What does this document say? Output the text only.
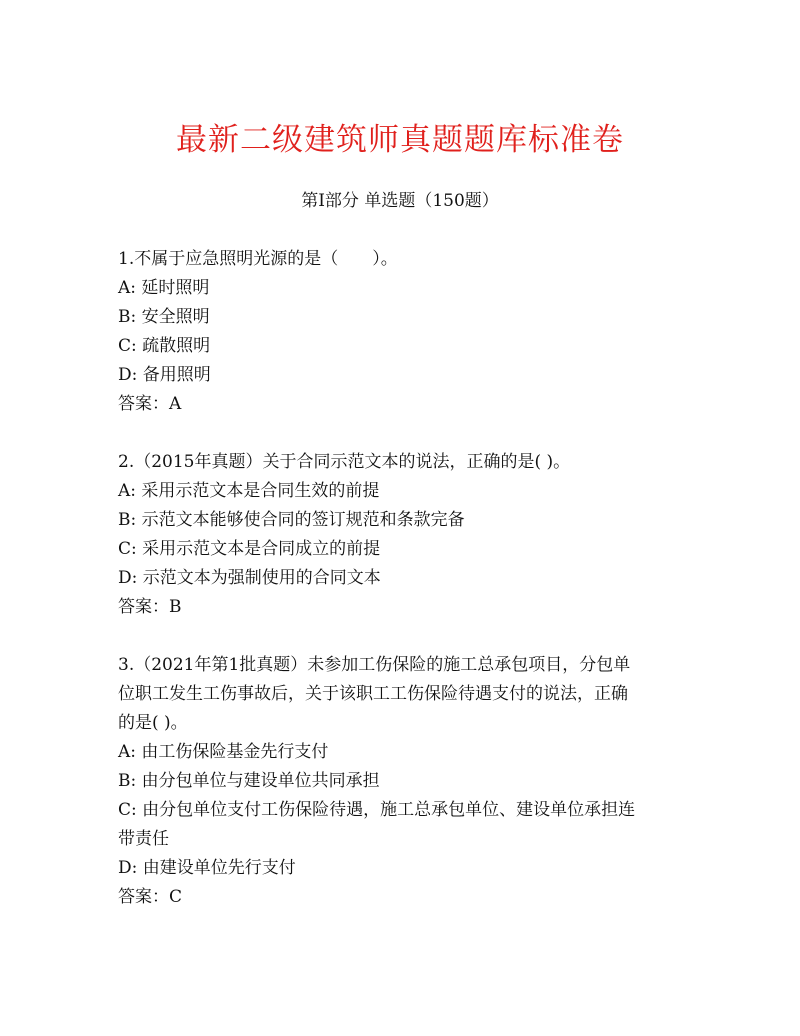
最新二级建筑师真题题库标准卷
第I部分 单选题（150题）
1.不属于应急照明光源的是（　　）。
A: 延时照明
B: 安全照明
C: 疏散照明
D: 备用照明
答案：A
2.（2015年真题）关于合同示范文本的说法，正确的是( )。
A: 采用示范文本是合同生效的前提
B: 示范文本能够使合同的签订规范和条款完备
C: 采用示范文本是合同成立的前提
D: 示范文本为强制使用的合同文本
答案：B
3.（2021年第1批真题）未参加工伤保险的施工总承包项目，分包单
位职工发生工伤事故后，关于该职工工伤保险待遇支付的说法，正确
的是( )。
A: 由工伤保险基金先行支付
B: 由分包单位与建设单位共同承担
C: 由分包单位支付工伤保险待遇，施工总承包单位、建设单位承担连
带责任
D: 由建设单位先行支付
答案：C
